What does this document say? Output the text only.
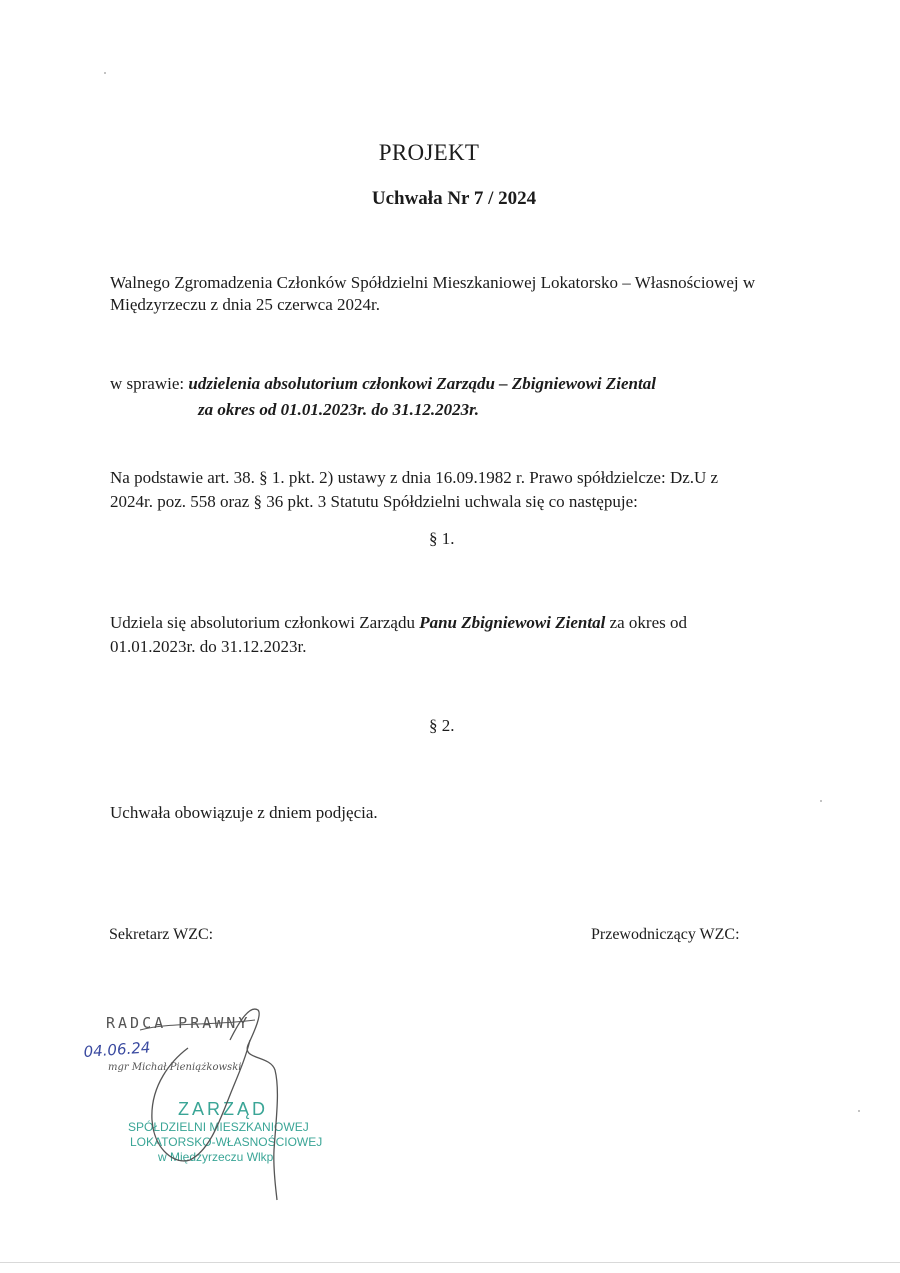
PROJEKT
Uchwała Nr 7 / 2024
Walnego Zgromadzenia Członków Spółdzielni Mieszkaniowej Lokatorsko – Własnościowej w
Międzyrzeczu z dnia 25 czerwca 2024r.
w sprawie: udzielenia absolutorium członkowi Zarządu – Zbigniewowi Ziental
za okres od 01.01.2023r. do 31.12.2023r.
Na podstawie art. 38. § 1. pkt. 2) ustawy z dnia 16.09.1982 r. Prawo spółdzielcze: Dz.U z
2024r. poz. 558 oraz § 36 pkt. 3 Statutu Spółdzielni uchwala się co następuje:
§ 1.
Udziela się absolutorium członkowi Zarządu Panu Zbigniewowi Ziental za okres od
01.01.2023r. do 31.12.2023r.
§ 2.
Uchwała obowiązuje z dniem podjęcia.
Sekretarz WZC:	Przewodniczący WZC:
RADCA PRAWNY
mgr Michał Pieniążkowski
04.06.24
ZARZĄD
SPÓŁDZIELNI MIESZKANIOWEJ
LOKATORSKO-WŁASNOŚCIOWEJ
w Międzyrzeczu Wlkp
